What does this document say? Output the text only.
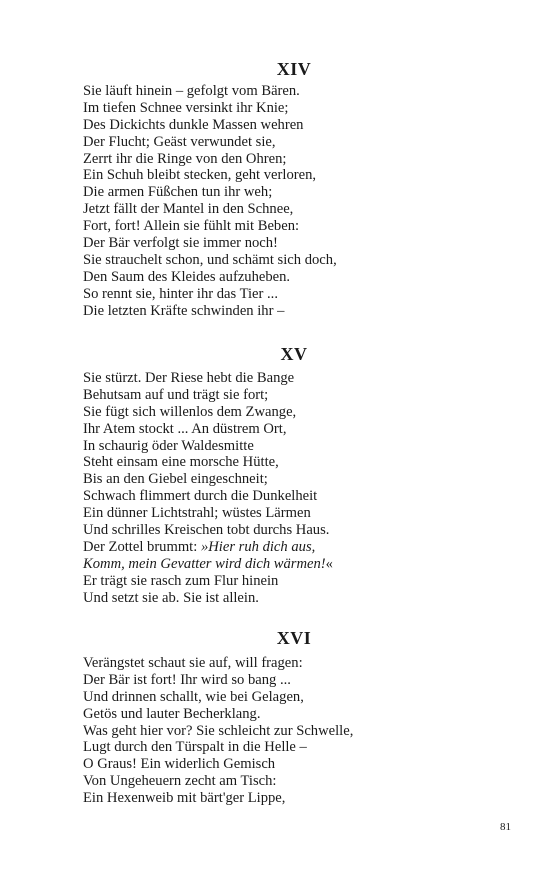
XIV
Sie läuft hinein – gefolgt vom Bären.
Im tiefen Schnee versinkt ihr Knie;
Des Dickichts dunkle Massen wehren
Der Flucht; Geäst verwundet sie,
Zerrt ihr die Ringe von den Ohren;
Ein Schuh bleibt stecken, geht verloren,
Die armen Füßchen tun ihr weh;
Jetzt fällt der Mantel in den Schnee,
Fort, fort! Allein sie fühlt mit Beben:
Der Bär verfolgt sie immer noch!
Sie strauchelt schon, und schämt sich doch,
Den Saum des Kleides aufzuheben.
So rennt sie, hinter ihr das Tier ...
Die letzten Kräfte schwinden ihr –
XV
Sie stürzt. Der Riese hebt die Bange
Behutsam auf und trägt sie fort;
Sie fügt sich willenlos dem Zwange,
Ihr Atem stockt ... An düstrem Ort,
In schaurig öder Waldesmitte
Steht einsam eine morsche Hütte,
Bis an den Giebel eingeschneit;
Schwach flimmert durch die Dunkelheit
Ein dünner Lichtstrahl; wüstes Lärmen
Und schrilles Kreischen tobt durchs Haus.
Der Zottel brummt: »Hier ruh dich aus,
Komm, mein Gevatter wird dich wärmen!«
Er trägt sie rasch zum Flur hinein
Und setzt sie ab. Sie ist allein.
XVI
Verängstet schaut sie auf, will fragen:
Der Bär ist fort! Ihr wird so bang ...
Und drinnen schallt, wie bei Gelagen,
Getös und lauter Becherklang.
Was geht hier vor? Sie schleicht zur Schwelle,
Lugt durch den Türspalt in die Helle –
O Graus! Ein widerlich Gemisch
Von Ungeheuern zecht am Tisch:
Ein Hexenweib mit bärt'ger Lippe,

81
